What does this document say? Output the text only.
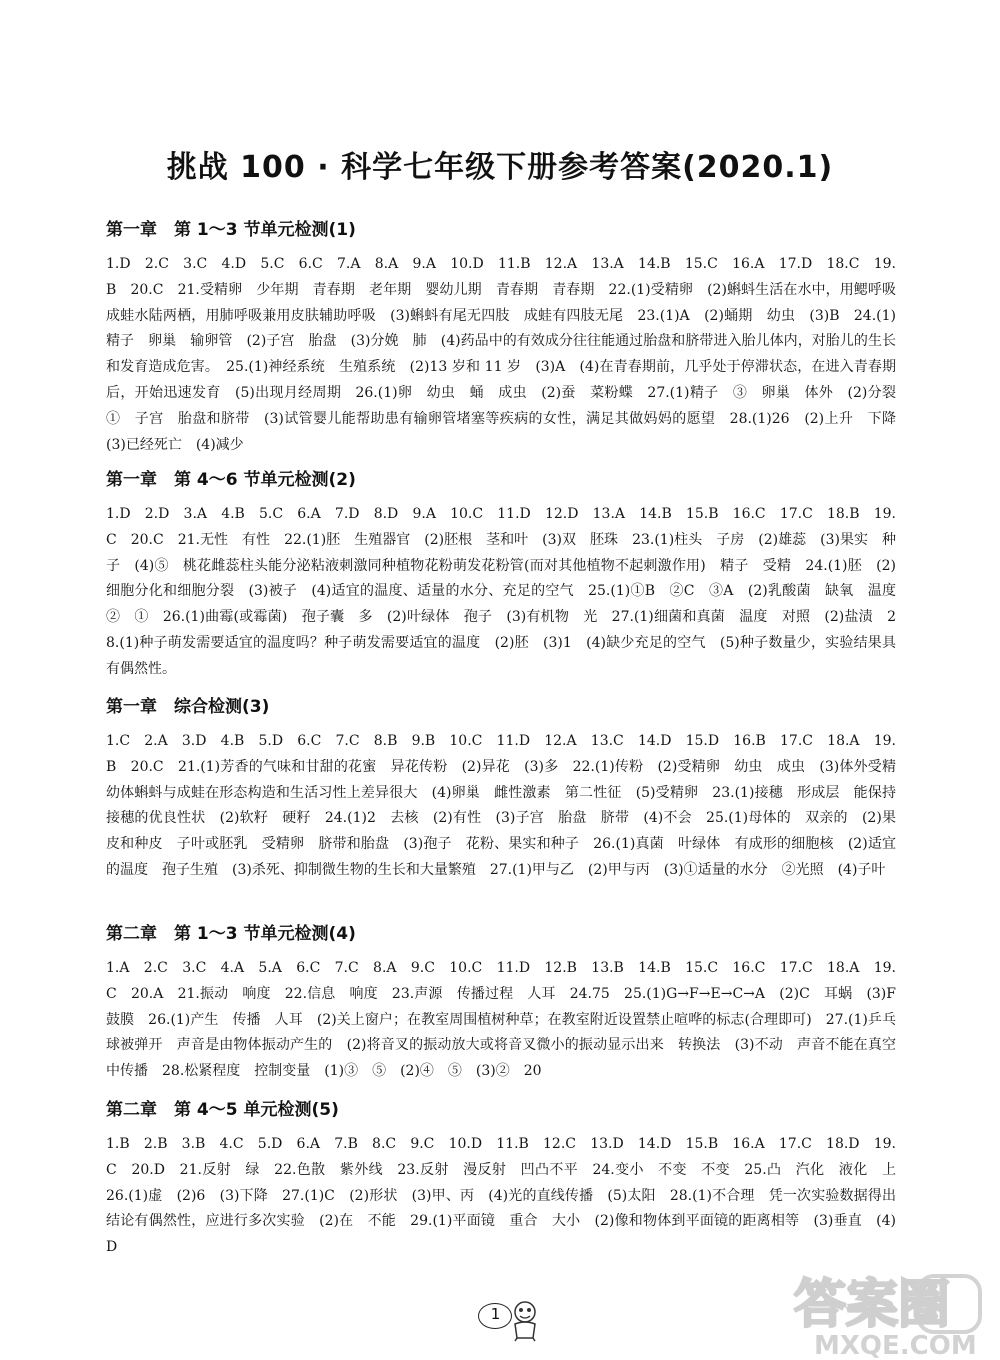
挑战 100 · 科学七年级下册参考答案(2020.1)
第一章　第 1～3 节单元检测(1)
1.D　2.C　3.C　4.D　5.C　6.C　7.A　8.A　9.A　10.D　11.B　12.A　13.A　14.B　15.C　16.A　17.D　18.C　19.B　20.C　21.受精卵　少年期　青春期　老年期　婴幼儿期　青春期　青春期　22.(1)受精卵　(2)蝌蚪生活在水中，用鳃呼吸　成蛙水陆两栖，用肺呼吸兼用皮肤辅助呼吸　(3)蝌蚪有尾无四肢　成蛙有四肢无尾　23.(1)A　(2)蛹期　幼虫　(3)B　24.(1)精子　卵巢　输卵管　(2)子宫　胎盘　(3)分娩　肺　(4)药品中的有效成分往往能通过胎盘和脐带进入胎儿体内，对胎儿的生长和发育造成危害。　25.(1)神经系统　生殖系统　(2)13 岁和 11 岁　(3)A　(4)在青春期前，几乎处于停滞状态，在进入青春期后，开始迅速发育　(5)出现月经周期　26.(1)卵　幼虫　蛹　成虫　(2)蚕　菜粉蝶　27.(1)精子　③　卵巢　体外　(2)分裂　①　子宫　胎盘和脐带　(3)试管婴儿能帮助患有输卵管堵塞等疾病的女性，满足其做妈妈的愿望　28.(1)26　(2)上升　下降　(3)已经死亡　(4)减少
第一章　第 4～6 节单元检测(2)
1.D　2.D　3.A　4.B　5.C　6.A　7.D　8.D　9.A　10.C　11.D　12.D　13.A　14.B　15.B　16.C　17.C　18.B　19.C　20.C　21.无性　有性　22.(1)胚　生殖器官　(2)胚根　茎和叶　(3)双　胚珠　23.(1)柱头　子房　(2)雄蕊　(3)果实　种子　(4)⑤　桃花雌蕊柱头能分泌粘液刺激同种植物花粉萌发花粉管(而对其他植物不起刺激作用)　精子　受精　24.(1)胚　(2)细胞分化和细胞分裂　(3)被子　(4)适宜的温度、适量的水分、充足的空气　25.(1)①B　②C　③A　(2)乳酸菌　缺氧　温度　②　①　26.(1)曲霉(或霉菌)　孢子囊　多　(2)叶绿体　孢子　(3)有机物　光　27.(1)细菌和真菌　温度　对照　(2)盐渍　28.(1)种子萌发需要适宜的温度吗？种子萌发需要适宜的温度　(2)胚　(3)1　(4)缺少充足的空气　(5)种子数量少，实验结果具有偶然性。
第一章　综合检测(3)
1.C　2.A　3.D　4.B　5.D　6.C　7.C　8.B　9.B　10.C　11.D　12.A　13.C　14.D　15.D　16.B　17.C　18.A　19.B　20.C　21.(1)芳香的气味和甘甜的花蜜　异花传粉　(2)异花　(3)多　22.(1)传粉　(2)受精卵　幼虫　成虫　(3)体外受精　幼体蝌蚪与成蛙在形态构造和生活习性上差异很大　(4)卵巢　雌性激素　第二性征　(5)受精卵　23.(1)接穗　形成层　能保持接穗的优良性状　(2)软籽　硬籽　24.(1)2　去核　(2)有性　(3)子宫　胎盘　脐带　(4)不会　25.(1)母体的　双亲的　(2)果皮和种皮　子叶或胚乳　受精卵　脐带和胎盘　(3)孢子　花粉、果实和种子　26.(1)真菌　叶绿体　有成形的细胞核　(2)适宜的温度　孢子生殖　(3)杀死、抑制微生物的生长和大量繁殖　27.(1)甲与乙　(2)甲与丙　(3)①适量的水分　②光照　(4)子叶
第二章　第 1～3 节单元检测(4)
1.A　2.C　3.C　4.A　5.A　6.C　7.C　8.A　9.C　10.C　11.D　12.B　13.B　14.B　15.C　16.C　17.C　18.A　19.C　20.A　21.振动　响度　22.信息　响度　23.声源　传播过程　人耳　24.75　25.(1)G→F→E→C→A　(2)C　耳蜗　(3)F　鼓膜　26.(1)产生　传播　人耳　(2)关上窗户；在教室周围植树种草；在教室附近设置禁止喧哗的标志(合理即可)　27.(1)乒乓球被弹开　声音是由物体振动产生的　(2)将音叉的振动放大或将音叉微小的振动显示出来　转换法　(3)不动　声音不能在真空中传播　28.松紧程度　控制变量　(1)③　⑤　(2)④　⑤　(3)②　20
第二章　第 4～5 单元检测(5)
1.B　2.B　3.B　4.C　5.D　6.A　7.B　8.C　9.C　10.D　11.B　12.C　13.D　14.D　15.B　16.A　17.C　18.D　19.C　20.D　21.反射　绿　22.色散　紫外线　23.反射　漫反射　凹凸不平　24.变小　不变　不变　25.凸　汽化　液化　上　26.(1)虚　(2)6　(3)下降　27.(1)C　(2)形状　(3)甲、丙　(4)光的直线传播　(5)太阳　28.(1)不合理　凭一次实验数据得出结论有偶然性，应进行多次实验　(2)在　不能　29.(1)平面镜　重合　大小　(2)像和物体到平面镜的距离相等　(3)垂直　(4)D
1	答案圈
MXQE.COM
